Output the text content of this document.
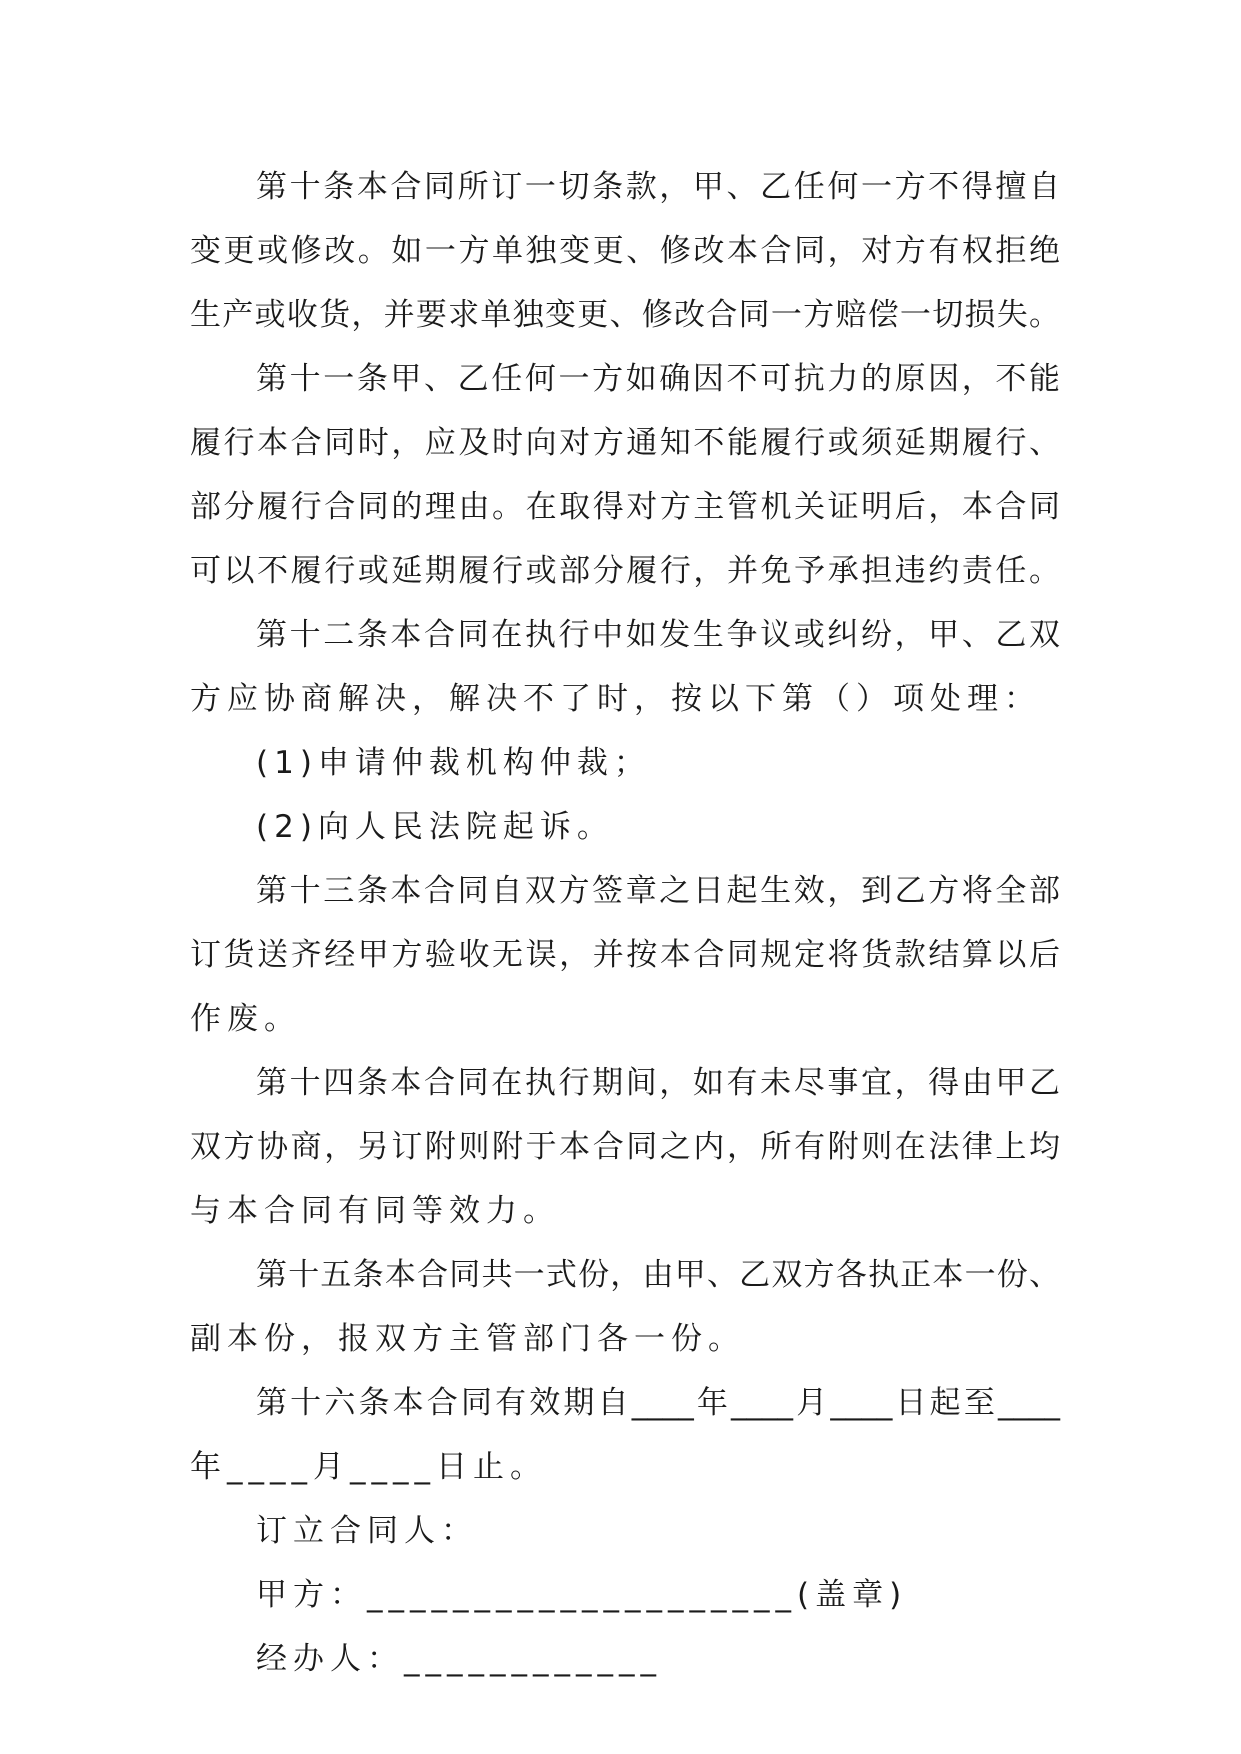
第十条本合同所订一切条款，甲、乙任何一方不得擅自
变更或修改。如一方单独变更、修改本合同，对方有权拒绝
生产或收货，并要求单独变更、修改合同一方赔偿一切损失。
第十一条甲、乙任何一方如确因不可抗力的原因，不能
履行本合同时，应及时向对方通知不能履行或须延期履行、
部分履行合同的理由。在取得对方主管机关证明后，本合同
可以不履行或延期履行或部分履行，并免予承担违约责任。
第十二条本合同在执行中如发生争议或纠纷，甲、乙双
方应协商解决，解决不了时，按以下第（）项处理：
(1)申请仲裁机构仲裁；
(2)向人民法院起诉。
第十三条本合同自双方签章之日起生效，到乙方将全部
订货送齐经甲方验收无误，并按本合同规定将货款结算以后
作废。
第十四条本合同在执行期间，如有未尽事宜，得由甲乙
双方协商，另订附则附于本合同之内，所有附则在法律上均
与本合同有同等效力。
第十五条本合同共一式份，由甲、乙双方各执正本一份、
副本份，报双方主管部门各一份。
第十六条本合同有效期自____年____月____日起至____
年____月____日止。
订立合同人：
甲方：____________________(盖章)
经办人：____________
